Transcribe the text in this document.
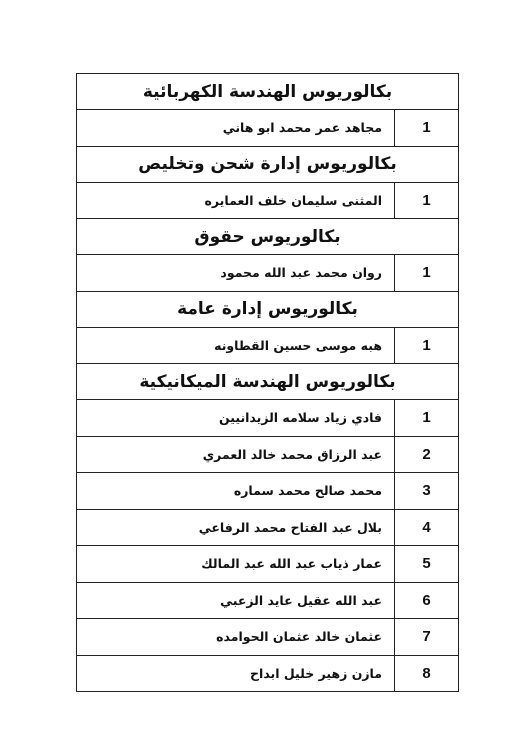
بكالوريوس الهندسة الكهربائية
مجاهد عمر محمد ابو هاني	1
بكالوريوس إدارة شحن وتخليص
المثنى سليمان خلف العمايره	1
بكالوريوس حقوق
روان محمد عبد الله محمود	1
بكالوريوس إدارة عامة
هبه موسى حسين القطاونه	1
بكالوريوس الهندسة الميكانيكية
فادي زياد سلامه الزيدانيين	1
عبد الرزاق محمد خالد العمري	2
محمد صالح محمد سماره	3
بلال عبد الفتاح محمد الرفاعي	4
عمار ذياب عبد الله عبد المالك	5
عبد الله عقيل عايد الزعبي	6
عثمان خالد عثمان الحوامده	7
مازن زهير خليل ابداح	8
